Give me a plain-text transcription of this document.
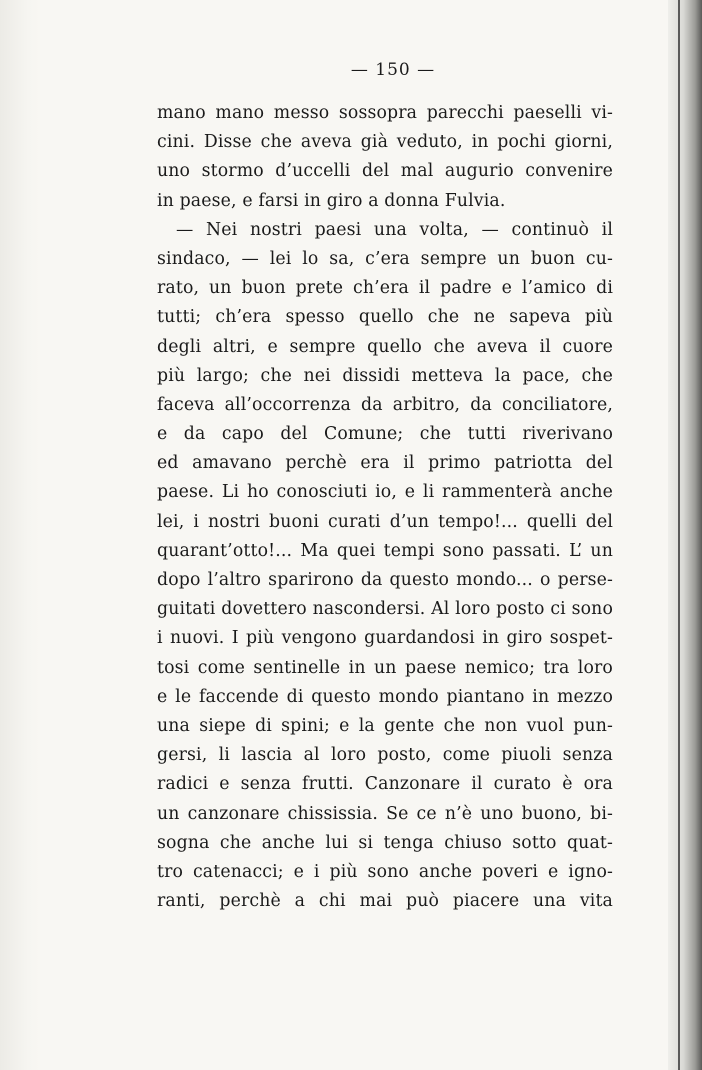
— 150 —
mano mano messo sossopra parecchi paeselli vi-
cini. Disse che aveva già veduto, in pochi giorni,
uno stormo d’uccelli del mal augurio convenire
in paese, e farsi in giro a donna Fulvia.
— Nei nostri paesi una volta, — continuò il
sindaco, — lei lo sa, c’era sempre un buon cu-
rato, un buon prete ch’era il padre e l’amico di
tutti; ch’era spesso quello che ne sapeva più
degli altri, e sempre quello che aveva il cuore
più largo; che nei dissidi metteva la pace, che
faceva all’occorrenza da arbitro, da conciliatore,
e da capo del Comune; che tutti riverivano
ed amavano perchè era il primo patriotta del
paese. Li ho conosciuti io, e li rammenterà anche
lei, i nostri buoni curati d’un tempo!... quelli del
quarant’otto!... Ma quei tempi sono passati. L’ un
dopo l’altro sparirono da questo mondo... o perse-
guitati dovettero nascondersi. Al loro posto ci sono
i nuovi. I più vengono guardandosi in giro sospet-
tosi come sentinelle in un paese nemico; tra loro
e le faccende di questo mondo piantano in mezzo
una siepe di spini; e la gente che non vuol pun-
gersi, li lascia al loro posto, come piuoli senza
radici e senza frutti. Canzonare il curato è ora
un canzonare chississia. Se ce n’è uno buono, bi-
sogna che anche lui si tenga chiuso sotto quat-
tro catenacci; e i più sono anche poveri e igno-
ranti, perchè a chi mai può piacere una vita
